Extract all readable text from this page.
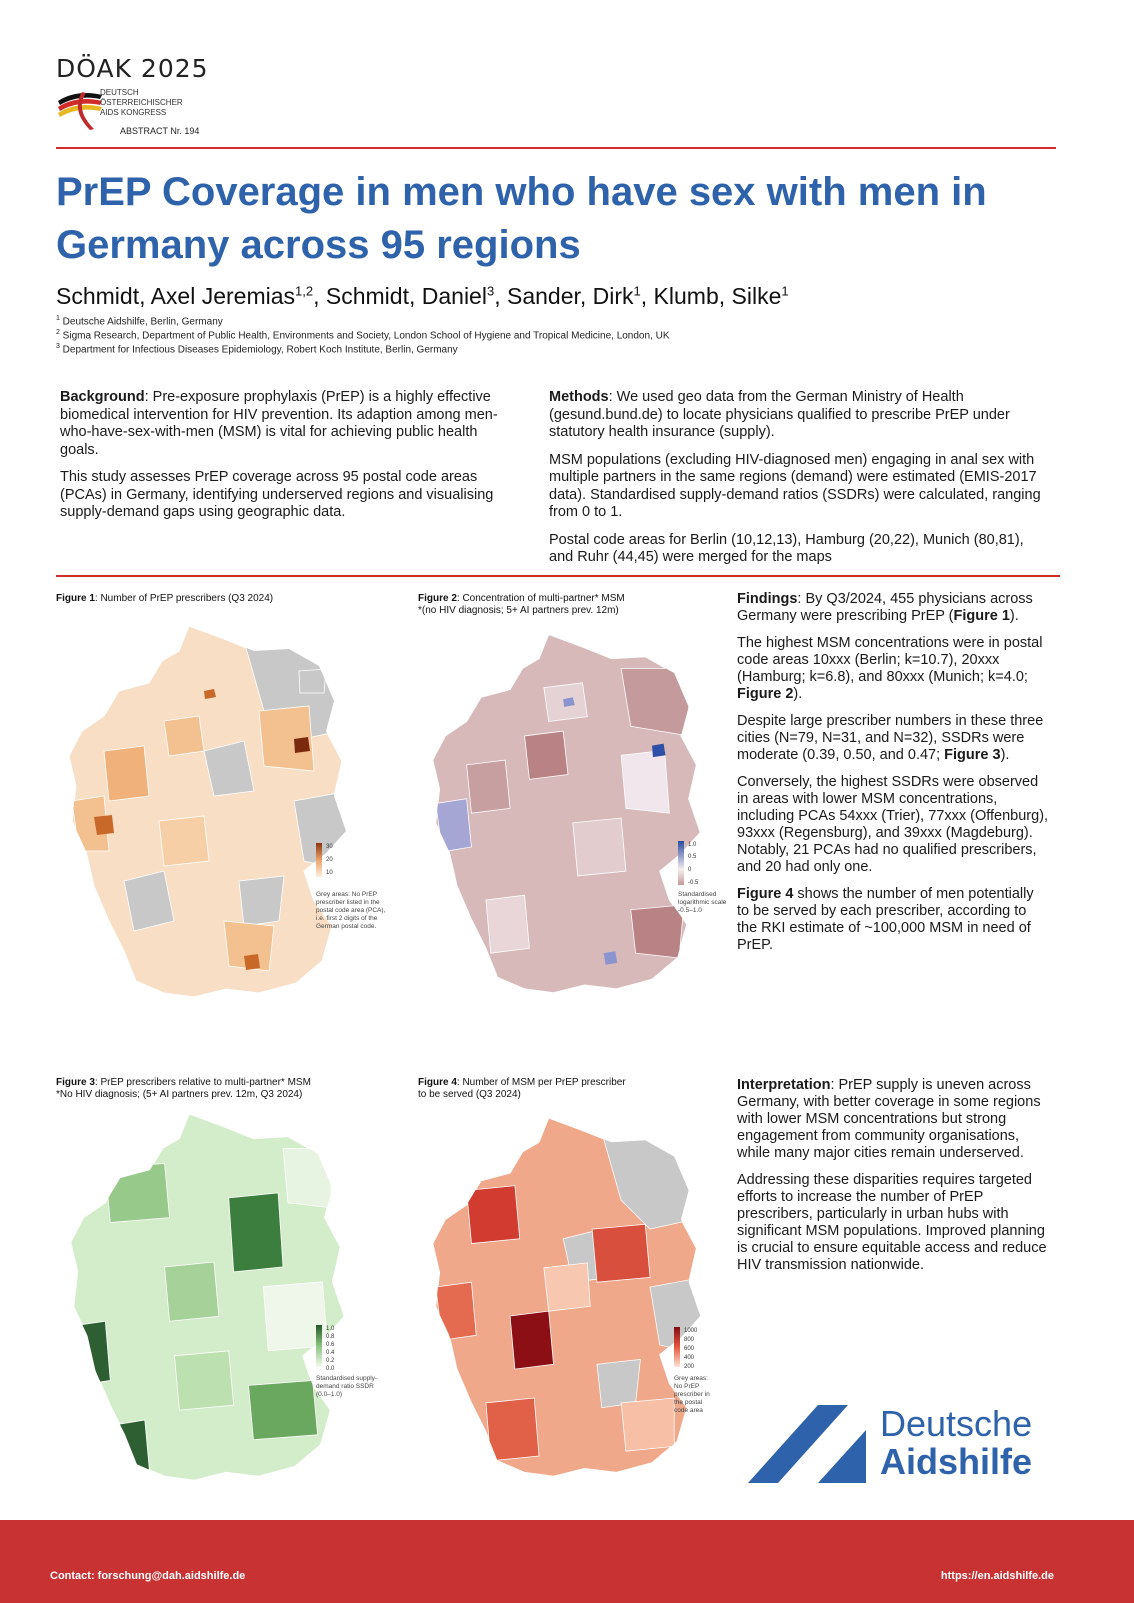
DÖAK 2025
DEUTSCH
ÖSTERREICHISCHER
AIDS KONGRESS
ABSTRACT Nr. 194
PrEP Coverage in men who have sex with men in Germany across 95 regions
Schmidt, Axel Jeremias$^{1,2}$, Schmidt, Daniel$^3$, Sander, Dirk$^1$, Klumb, Silke$^1$
$^1$ Deutsche Aidshilfe, Berlin, Germany
$^2$ Sigma Research, Department of Public Health, Environments and Society, London School of Hygiene and Tropical Medicine, London, UK
$^3$ Department for Infectious Diseases Epidemiology, Robert Koch Institute, Berlin, Germany

Background: Pre-exposure prophylaxis (PrEP) is a highly effective biomedical intervention for HIV prevention. Its adaption among men-who-have-sex-with-men (MSM) is vital for achieving public health goals.

This study assesses PrEP coverage across 95 postal code areas (PCAs) in Germany, identifying underserved regions and visualising supply-demand gaps using geographic data.

Methods: We used geo data from the German Ministry of Health (gesund.bund.de) to locate physicians qualified to prescribe PrEP under statutory health insurance (supply).

MSM populations (excluding HIV-diagnosed men) engaging in anal sex with multiple partners in the same regions (demand) were estimated (EMIS-2017 data). Standardised supply-demand ratios (SSDRs) were calculated, ranging from 0 to 1.

Postal code areas for Berlin (10,12,13), Hamburg (20,22), Munich (80,81), and Ruhr (44,45) were merged for the maps

Figure 1: Number of PrEP prescribers (Q3 2024)
30
20
10
Grey areas: No PrEP prescriber listed in the postal code area (PCA), i.e. first 2 digits of the German postal code.
Figure 2: Concentration of multi-partner* MSM
*(no HIV diagnosis; 5+ AI partners prev. 12m)
1.0
0.5
0
-0.5
Standardised logarithmic scale -0.5–1.0

Findings: By Q3/2024, 455 physicians across Germany were prescribing PrEP (Figure 1).

The highest MSM concentrations were in postal code areas 10xxx (Berlin; k=10.7), 20xxx (Hamburg; k=6.8), and 80xxx (Munich; k=4.0; Figure 2).

Despite large prescriber numbers in these three cities (N=79, N=31, and N=32), SSDRs were moderate (0.39, 0.50, and 0.47; Figure 3).

Conversely, the highest SSDRs were observed in areas with lower MSM concentrations, including PCAs 54xxx (Trier), 77xxx (Offenburg), 93xxx (Regensburg), and 39xxx (Magdeburg). Notably, 21 PCAs had no qualified prescribers, and 20 had only one.

Figure 4 shows the number of men potentially to be served by each prescriber, according to the RKI estimate of ~100,000 MSM in need of PrEP.

Figure 3: PrEP prescribers relative to multi-partner* MSM
*No HIV diagnosis; (5+ AI partners prev. 12m, Q3 2024)
1.0
0.8
0.6
0.4
0.2
0.0
Standardised supply-demand ratio SSDR (0.0–1.0)
Figure 4: Number of MSM per PrEP prescriber
to be served (Q3 2024)
1000
800
600
400
200
Grey areas: No PrEP prescriber in the postal code area

Interpretation: PrEP supply is uneven across Germany, with better coverage in some regions with lower MSM concentrations but strong engagement from community organisations, while many major cities remain underserved.

Addressing these disparities requires targeted efforts to increase the number of PrEP prescribers, particularly in urban hubs with significant MSM populations. Improved planning is crucial to ensure equitable access and reduce HIV transmission nationwide.

Deutsche
Aidshilfe
Contact: forschung@dah.aidshilfe.de	https://en.aidshilfe.de
